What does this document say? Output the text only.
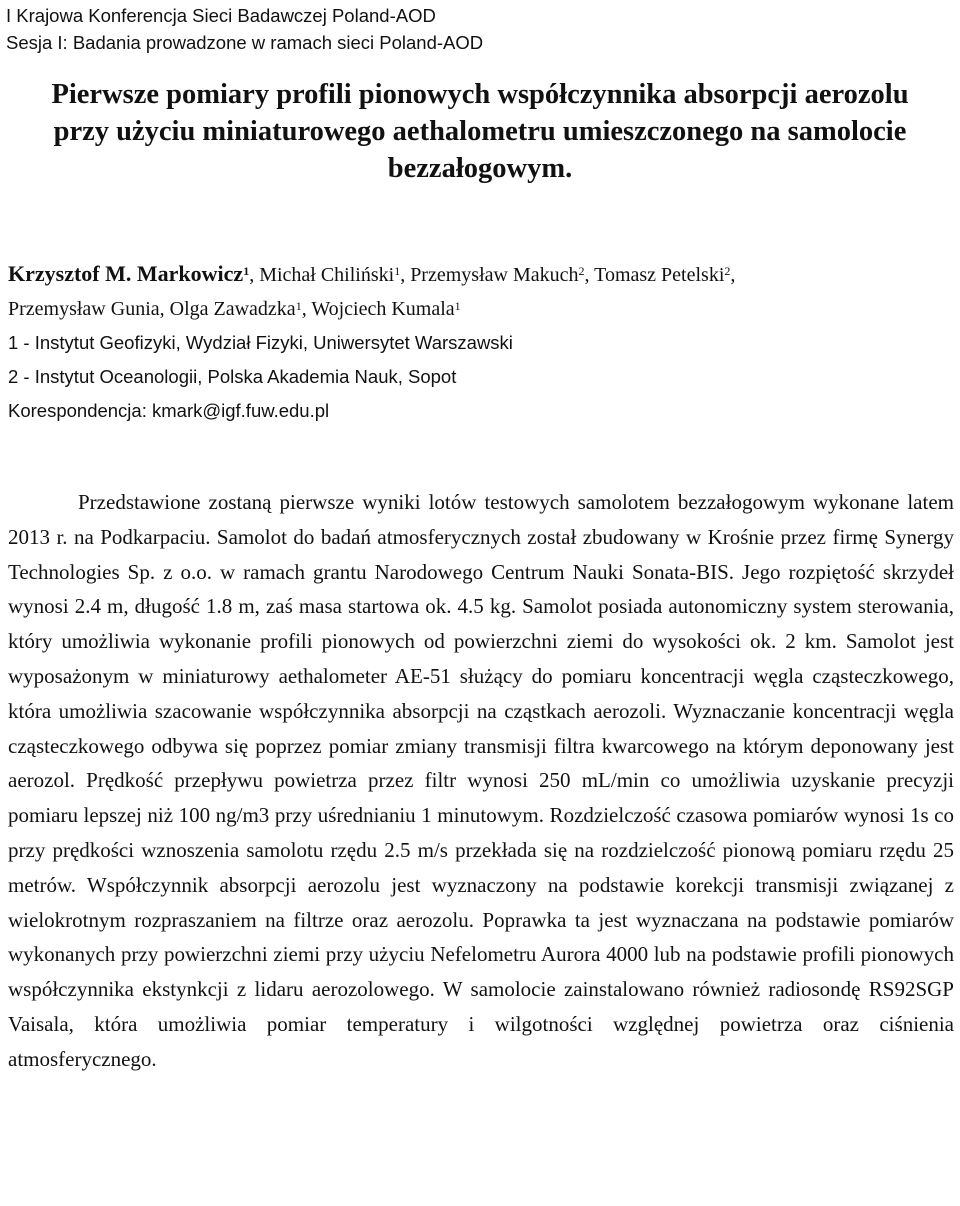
I Krajowa Konferencja Sieci Badawczej Poland-AOD
Sesja I: Badania prowadzone w ramach sieci Poland-AOD
Pierwsze pomiary profili pionowych współczynnika absorpcji aerozolu
przy użyciu miniaturowego aethalometru umieszczonego na samolocie
bezzałogowym.
Krzysztof M. Markowicz$^1$, Michał Chiliński$^1$, Przemysław Makuch$^2$, Tomasz Petelski$^2$,
Przemysław Gunia, Olga Zawadzka$^1$, Wojciech Kumala$^1$
1 - Instytut Geofizyki, Wydział Fizyki, Uniwersytet Warszawski
2 - Instytut Oceanologii, Polska Akademia Nauk, Sopot
Korespondencja: kmark@igf.fuw.edu.pl

Przedstawione zostaną pierwsze wyniki lotów testowych samolotem bezzałogowym wykonane latem 2013 r. na Podkarpaciu. Samolot do badań atmosferycznych został zbudowany w Krośnie przez firmę Synergy Technologies Sp. z o.o. w ramach grantu Narodowego Centrum Nauki Sonata-BIS. Jego rozpiętość skrzydeł wynosi 2.4 m, długość 1.8 m, zaś masa startowa ok. 4.5 kg. Samolot posiada autonomiczny system sterowania, który umożliwia wykonanie profili pionowych od powierzchni ziemi do wysokości ok. 2 km. Samolot jest wyposażonym w miniaturowy aethalometer AE-51 służący do pomiaru koncentracji węgla cząsteczkowego, która umożliwia szacowanie współczynnika absorpcji na cząstkach aerozoli. Wyznaczanie koncentracji węgla cząsteczkowego odbywa się poprzez pomiar zmiany transmisji filtra kwarcowego na którym deponowany jest aerozol. Prędkość przepływu powietrza przez filtr wynosi 250 mL/min co umożliwia uzyskanie precyzji pomiaru lepszej niż 100 ng/m3 przy uśrednianiu 1 minutowym. Rozdzielczość czasowa pomiarów wynosi 1s co przy prędkości wznoszenia samolotu rzędu 2.5 m/s przekłada się na rozdzielczość pionową pomiaru rzędu 25 metrów. Współczynnik absorpcji aerozolu jest wyznaczony na podstawie korekcji transmisji związanej z wielokrotnym rozpraszaniem na filtrze oraz aerozolu. Poprawka ta jest wyznaczana na podstawie pomiarów wykonanych przy powierzchni ziemi przy użyciu Nefelometru Aurora 4000 lub na podstawie profili pionowych współczynnika ekstynkcji z lidaru aerozolowego. W samolocie zainstalowano również radiosondę RS92SGP Vaisala, która umożliwia pomiar temperatury i wilgotności względnej powietrza oraz ciśnienia atmosferycznego.
